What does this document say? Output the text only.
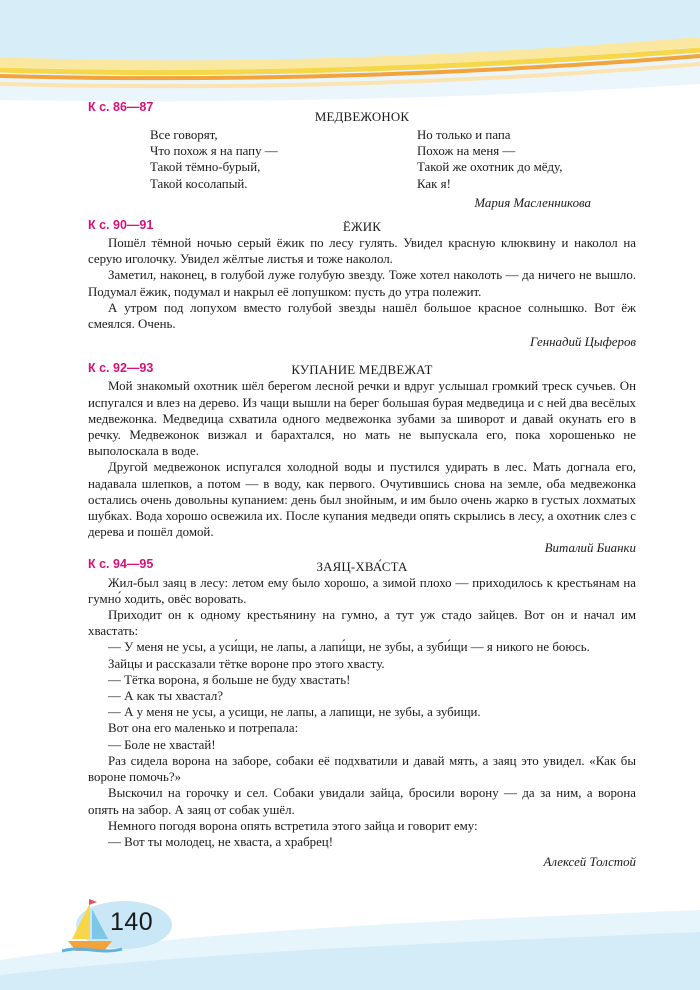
К с. 86—87
МЕДВЕЖОНОК
Все говорят,
Что похож я на папу —
Такой тёмно-бурый,
Такой косолапый.
Но только и папа
Похож на меня —
Такой же охотник до мёду,
Как я!
Мария Масленникова
К с. 90—91	ЁЖИК

Пошёл тёмной ночью серый ёжик по лесу гулять. Увидел красную клюквину и наколол на серую иголочку. Увидел жёлтые листья и тоже наколол.

Заметил, наконец, в голубой луже голубую звезду. Тоже хотел наколоть — да ничего не вышло. Подумал ёжик, подумал и накрыл её лопушком: пусть до утра полежит.

А утром под лопухом вместо голубой звезды нашёл большое красное солнышко. Вот ёж смеялся. Очень.

Геннадий Цыферов
К с. 92—93	КУПАНИЕ МЕДВЕЖАТ

Мой знакомый охотник шёл берегом лесной речки и вдруг услышал громкий треск сучьев. Он испугался и влез на дерево. Из чащи вышли на берег большая бурая медведица и с ней два весёлых медвежонка. Медведица схватила одного медвежонка зубами за шиворот и давай окунать его в речку. Медвежонок визжал и барахтался, но мать не выпускала его, пока хорошенько не выполоскала в воде.

Другой медвежонок испугался холодной воды и пустился удирать в лес. Мать догнала его, надавала шлепков, а потом — в воду, как первого. Очутившись снова на земле, оба медвежонка остались очень довольны купанием: день был знойным, и им было очень жарко в густых лохматых шубках. Вода хорошо освежила их. После купания медведи опять скрылись в лесу, а охотник слез с дерева и пошёл домой.

Виталий Бианки
К с. 94—95	ЗАЯЦ-ХВА́СТА

Жил-был заяц в лесу: летом ему было хорошо, а зимой плохо — приходилось к крестьянам на гумно́ ходить, овёс воровать.

Приходит он к одному крестьянину на гумно, а тут уж стадо зайцев. Вот он и начал им хвастать:

— У меня не усы, а уси́щи, не лапы, а лапи́щи, не зубы, а зуби́щи — я никого не боюсь.

Зайцы и рассказали тётке вороне про этого хвасту.

— Тётка ворона, я больше не буду хвастать!

— А как ты хвастал?

— А у меня не усы, а усищи, не лапы, а лапищи, не зубы, а зубищи.

Вот она его маленько и потрепала:

— Боле не хвастай!

Раз сидела ворона на заборе, собаки её подхватили и давай мять, а заяц это увидел. «Как бы вороне помочь?»

Выскочил на горочку и сел. Собаки увидали зайца, бросили ворону — да за ним, а ворона опять на забор. А заяц от собак ушёл.

Немного погодя ворона опять встретила этого зайца и говорит ему:

— Вот ты молодец, не хваста, а храбрец!

Алексей Толстой
140
